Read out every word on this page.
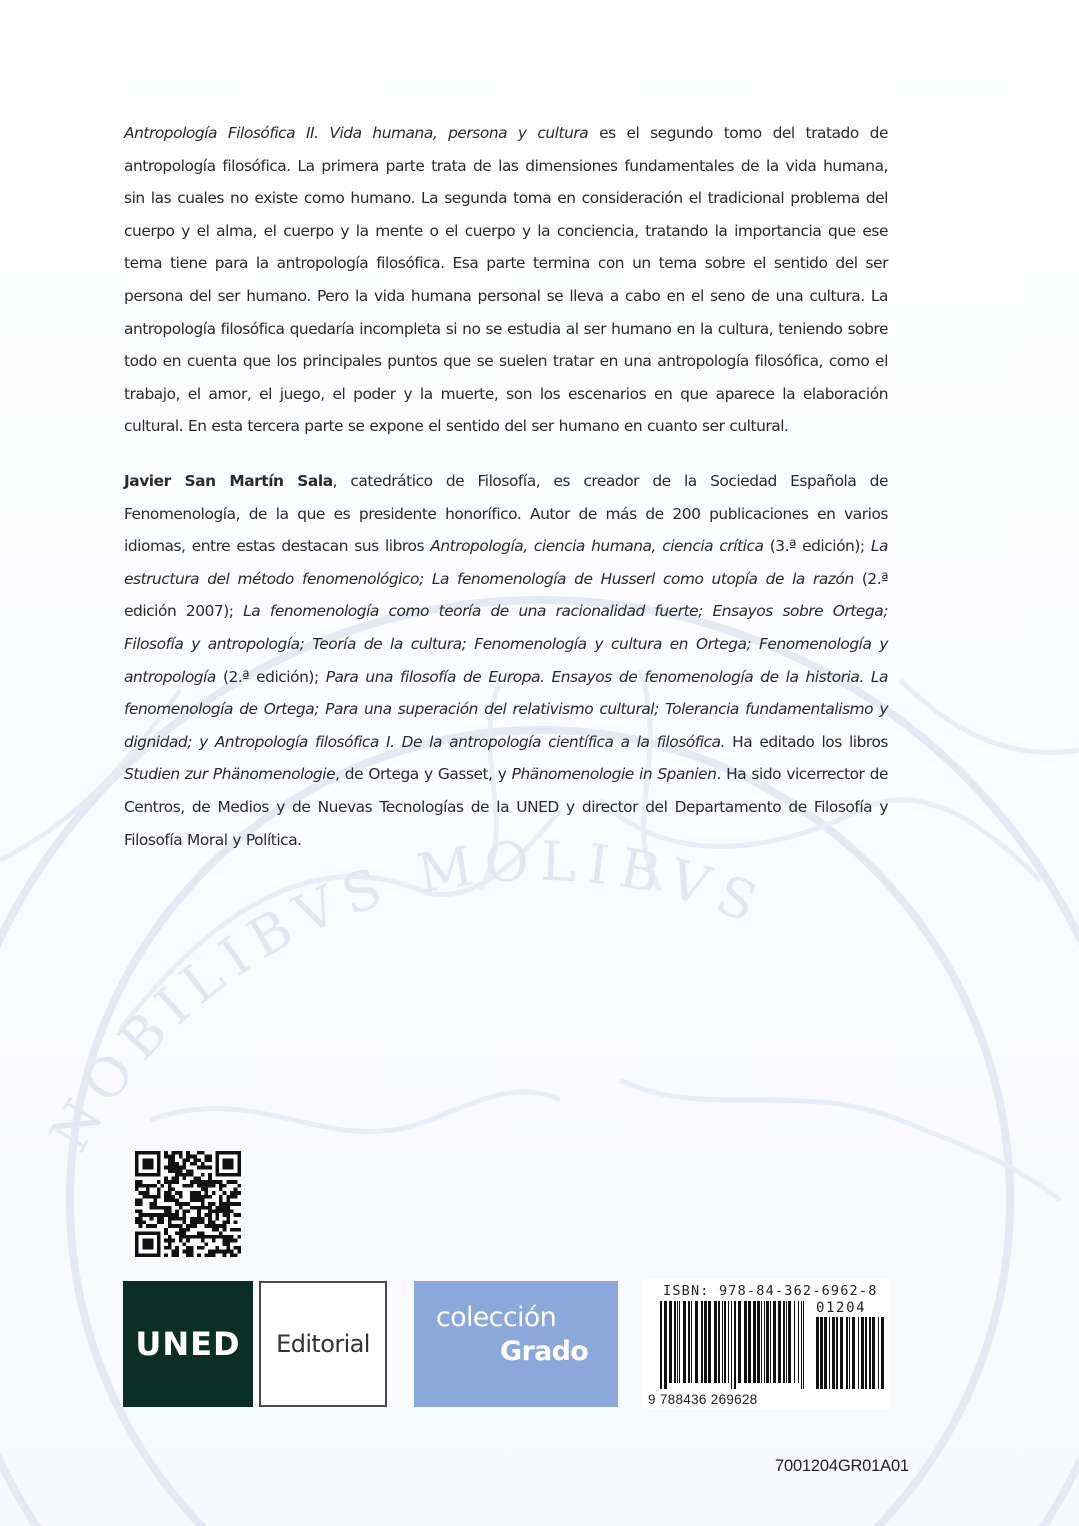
NOBILIBVS MOLIBVS

Antropología Filosófica II. Vida humana, persona y cultura es el segundo tomo del tratado de antropología filosófica. La primera parte trata de las dimensiones fundamentales de la vida humana, sin las cuales no existe como humano. La segunda toma en consideración el tradicional problema del cuerpo y el alma, el cuerpo y la mente o el cuerpo y la conciencia, tratando la importancia que ese tema tiene para la antropología filosófica. Esa parte termina con un tema sobre el sentido del ser persona del ser humano. Pero la vida humana personal se lleva a cabo en el seno de una cultura. La antropología filosófica quedaría incompleta si no se estudia al ser humano en la cultura, teniendo sobre todo en cuenta que los principales puntos que se suelen tratar en una antropología filosófica, como el trabajo, el amor, el juego, el poder y la muerte, son los escenarios en que aparece la elaboración cultural. En esta tercera parte se expone el sentido del ser humano en cuanto ser cultural.

Javier San Martín Sala, catedrático de Filosofía, es creador de la Sociedad Española de Fenomenología, de la que es presidente honorífico. Autor de más de 200 publicaciones en varios idiomas, entre estas destacan sus libros Antropología, ciencia humana, ciencia crítica (3.ª edición); La estructura del método fenomenológico; La fenomenología de Husserl como utopía de la razón (2.ª edición 2007); La fenomenología como teoría de una racionalidad fuerte; Ensayos sobre Ortega; Filosofía y antropología; Teoría de la cultura; Fenomenología y cultura en Ortega; Fenomenología y antropología (2.ª edición); Para una filosofía de Europa. Ensayos de fenomenología de la historia. La fenomenología de Ortega; Para una superación del relativismo cultural; Tolerancia fundamentalismo y dignidad; y Antropología filosófica I. De la antropología científica a la filosófica. Ha editado los libros Studien zur Phänomenologie, de Ortega y Gasset, y Phänomenologie in Spanien. Ha sido vicerrector de Centros, de Medios y de Nuevas Tecnologías de la UNED y director del Departamento de Filosofía y Filosofía Moral y Política.

UNED Editorial
colección
Grado
ISBN: 978-84-362-6962-8
01204
9 788436 269628
7001204GR01A01
